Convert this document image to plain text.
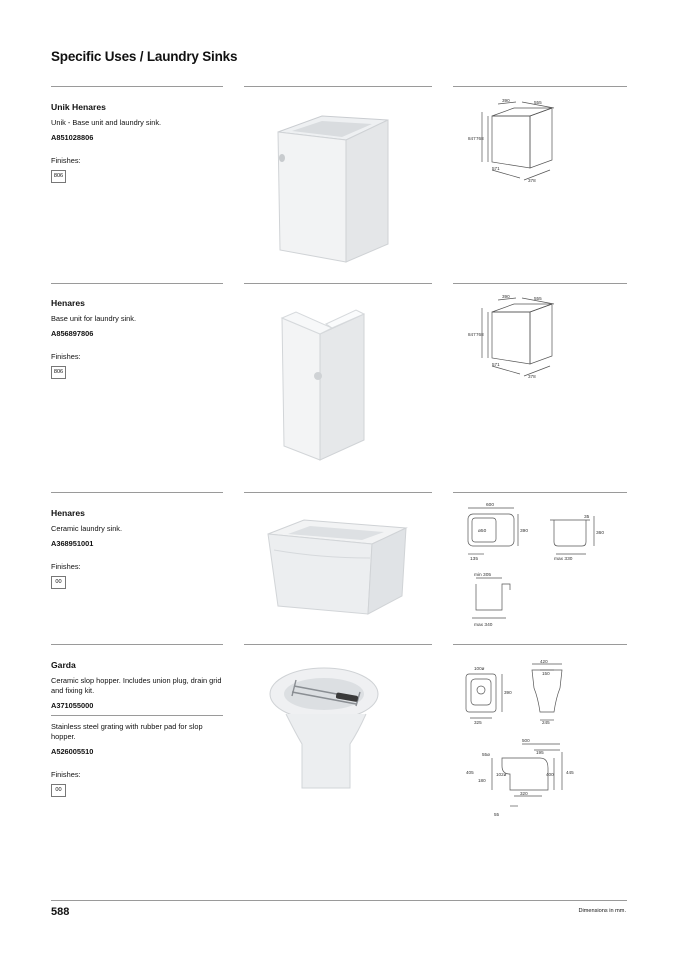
Specific Uses / Laundry Sinks
Unik Henares
Unik - Base unit and laundry sink.
A851028806
Finishes:
806
390	555
847 768
571
378
Henares
Base unit for laundry sink.
A856897806
Finishes:
806
390	555
847 768
571
378
Henares
Ceramic laundry sink.
A368951001
Finishes:
00
600
ø50	390
135
35
360
max 330
min 305
max 340
Garda
Ceramic slop hopper. Includes union plug, drain grid and fixing kit.
A371055000
Stainless steel grating with rubber pad for slop hopper.
A526005510
Finishes:
00
100ø
390
325
420
150
245
500
195
55ø
405	102ø
180
400	445
320
55
588	Dimensions in mm.
